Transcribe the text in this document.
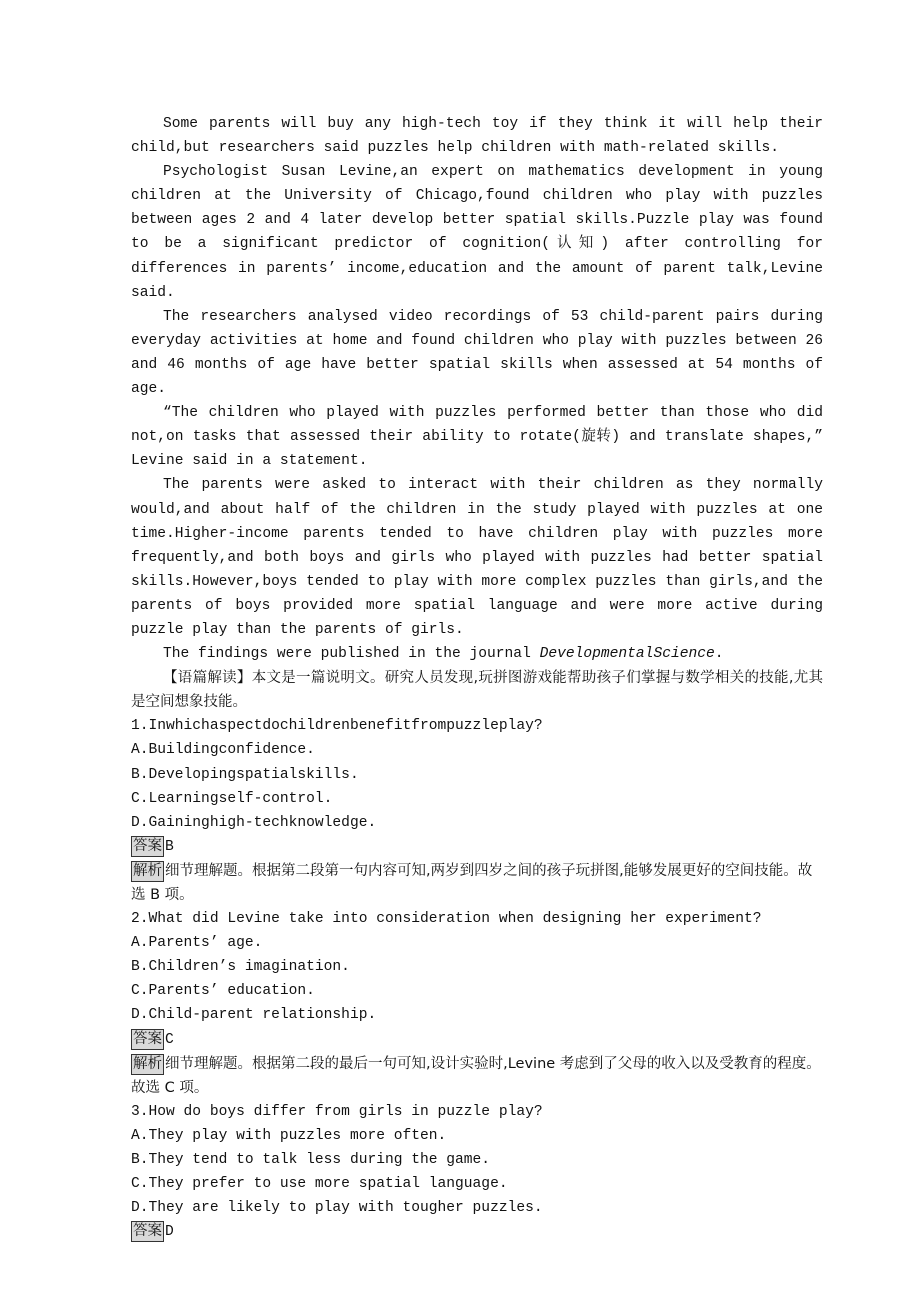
Some parents will buy any high-tech toy if they think it will help their child,but researchers said puzzles help children with math-related skills.

Psychologist Susan Levine,an expert on mathematics development in young children at the University of Chicago,found children who play with puzzles between ages 2 and 4 later develop better spatial skills.Puzzle play was found to be a significant predictor of cognition(认知) after controlling for differences in parents’ income,education and the amount of parent talk,Levine said.

The researchers analysed video recordings of 53 child-parent pairs during everyday activities at home and found children who play with puzzles between 26 and 46 months of age have better spatial skills when assessed at 54 months of age.

“The children who played with puzzles performed better than those who did not,on tasks that assessed their ability to rotate(旋转) and translate shapes,” Levine said in a statement.

The parents were asked to interact with their children as they normally would,and about half of the children in the study played with puzzles at one time.Higher-income parents tended to have children play with puzzles more frequently,and both boys and girls who played with puzzles had better spatial skills.However,boys tended to play with more complex puzzles than girls,and the parents of boys provided more spatial language and were more active during puzzle play than the parents of girls.

The findings were published in the journal DevelopmentalScience.

【语篇解读】本文是一篇说明文。研究人员发现,玩拼图游戏能帮助孩子们掌握与数学相关的技能,尤其是空间想象技能。

1.Inwhichaspectdochildrenbenefitfrompuzzleplay?

A.Buildingconfidence.

B.Developingspatialskills.

C.Learningself-control.

D.Gaininghigh-techknowledge.

答案 B

解析 细节理解题。根据第二段第一句内容可知,两岁到四岁之间的孩子玩拼图,能够发展更好的空间技能。故选 B 项。

2.What did Levine take into consideration when designing her experiment?

A.Parents’ age.

B.Children’s imagination.

C.Parents’ education.

D.Child-parent relationship.

答案 C

解析 细节理解题。根据第二段的最后一句可知,设计实验时,Levine 考虑到了父母的收入以及受教育的程度。故选 C 项。

3.How do boys differ from girls in puzzle play?

A.They play with puzzles more often.

B.They tend to talk less during the game.

C.They prefer to use more spatial language.

D.They are likely to play with tougher puzzles.

答案 D
